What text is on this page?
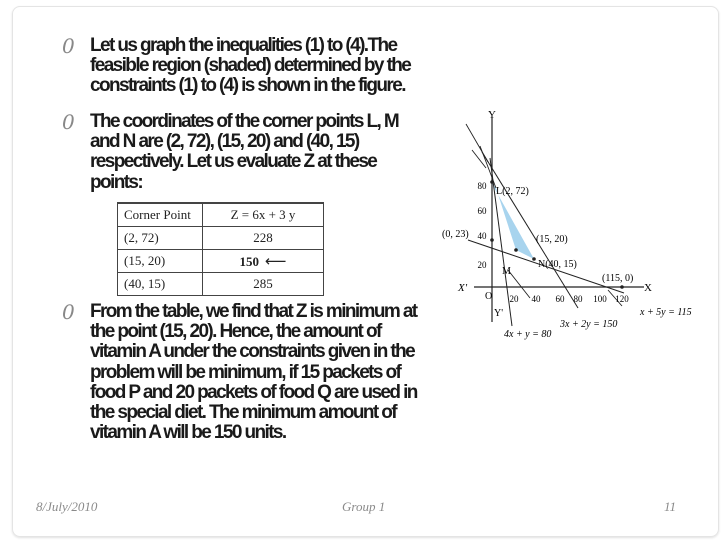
0 Let us graph the inequalities (1) to (4).The feasible region (shaded) determined by the constraints (1) to (4) is shown in the figure.
0 The coordinates of the corner points L, M and N are (2, 72), (15, 20) and (40, 15) respectively. Let us evaluate Z at these points:
Corner Point	Z = 6x + 3 y
(2, 72)	228
(15, 20)	150 ⟵
(40, 15)	285
0 From the table, we find that Z is minimum at the point (15, 20). Hence, the amount of vitamin A under the constraints given in the problem will be minimum, if 15 packets of food P and 20 packets of food Q are used in the special diet. The minimum amount of vitamin A will be 150 units.
Y
X
X'
Y'
O 20 40 60 80 100 120
80
60
40
20
L(2, 72)
M
N(40, 15)
(15, 20)
(0, 23)
(115, 0)
x + 5y = 115
3x + 2y = 150
4x + y = 80
8/July/2010	Group 1	11
